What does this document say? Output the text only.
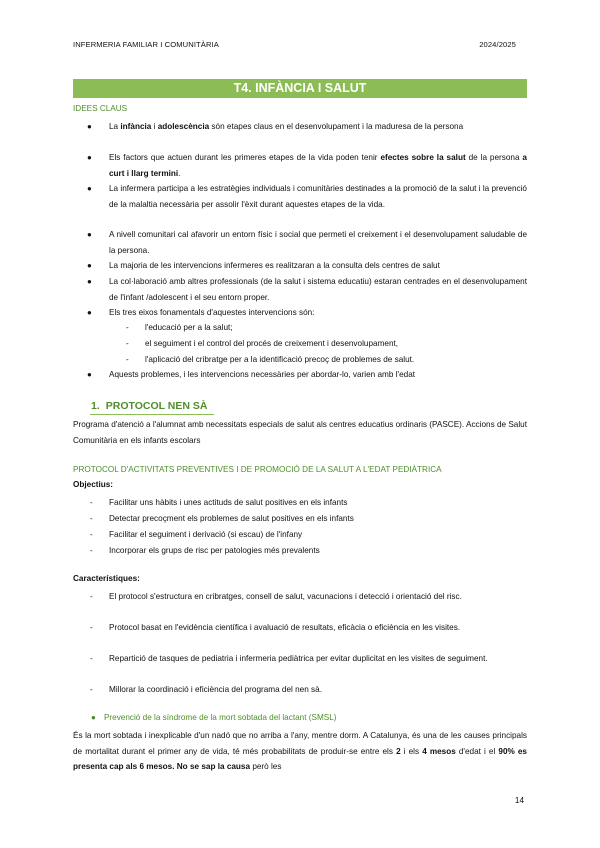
INFERMERIA FAMILIAR I COMUNITÀRIA	2024/2025
T4. INFÀNCIA I SALUT
IDEES CLAUS
● La infància i adolescència són etapes claus en el desenvolupament i la maduresa de la persona
● Els factors que actuen durant les primeres etapes de la vida poden tenir efectes sobre la salut de la persona a curt i llarg termini.
● La infermera participa a les estratègies individuals i comunitàries destinades a la promoció de la salut i la prevenció de la malaltia necessària per assolir l'èxit durant aquestes etapes de la vida.
● A nivell comunitari cal afavorir un entorn físic i social que permeti el creixement i el desenvolupament saludable de la persona.
● La majoria de les intervencions infermeres es realitzaran a la consulta dels centres de salut
● La col·laboració amb altres professionals (de la salut i sistema educatiu) estaran centrades en el desenvolupament de l'infant /adolescent i el seu entorn proper.
● Els tres eixos fonamentals d'aquestes intervencions són:
- l'educació per a la salut;
- el seguiment i el control del procés de creixement i desenvolupament,
- l'aplicació del cribratge per a la identificació precoç de problemes de salut.
● Aquests problemes, i les intervencions necessàries per abordar-lo, varien amb l'edat
1. PROTOCOL NEN SÀ
Programa d'atenció a l'alumnat amb necessitats especials de salut als centres educatius ordinaris (PASCE). Accions de Salut Comunitària en els infants escolars
PROTOCOL D'ACTIVITATS PREVENTIVES I DE PROMOCIÓ DE LA SALUT A L'EDAT PEDIÀTRICA
Objectius:
- Facilitar uns hàbits i unes actituds de salut positives en els infants
- Detectar precoçment els problemes de salut positives en els infants
- Facilitar el seguiment i derivació (si escau) de l'infany
- Incorporar els grups de risc per patologies més prevalents
Característiques:
- El protocol s'estructura en cribratges, consell de salut, vacunacions i detecció i orientació del risc.
- Protocol basat en l'evidència científica i avaluació de resultats, eficàcia o eficiència en les visites.
- Repartició de tasques de pediatria i infermeria pediàtrica per evitar duplicitat en les visites de seguiment.
- Millorar la coordinació i eficiència del programa del nen sà.
● Prevenció de la síndrome de la mort sobtada del lactant (SMSL)
És la mort sobtada i inexplicable d'un nadó que no arriba a l'any, mentre dorm. A Catalunya, és una de les causes principals de mortalitat durant el primer any de vida, té més probabilitats de produir-se entre els 2 i els 4 mesos d'edat i el 90% es presenta cap als 6 mesos. No se sap la causa però les
14
